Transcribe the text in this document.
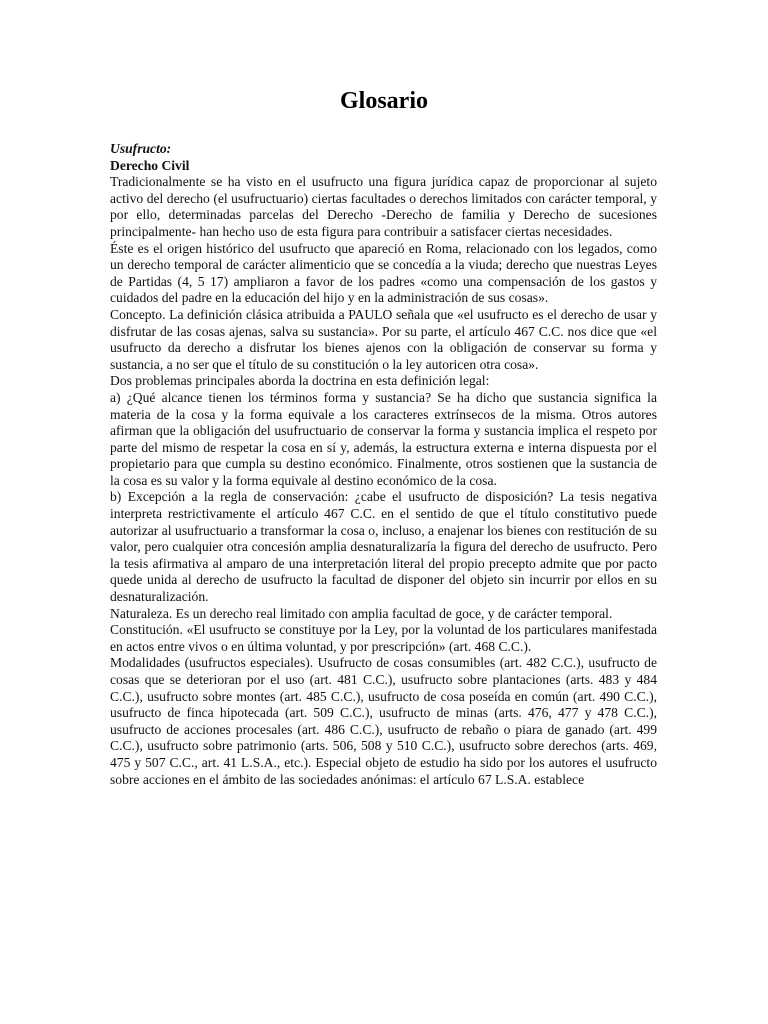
Glosario

Usufructo:

Derecho Civil

Tradicionalmente se ha visto en el usufructo una figura jurídica capaz de proporcionar al sujeto activo del derecho (el usufructuario) ciertas facultades o derechos limitados con carácter temporal, y por ello, determinadas parcelas del Derecho -Derecho de familia y Derecho de sucesiones principalmente- han hecho uso de esta figura para contribuir a satisfacer ciertas necesidades.

Éste es el origen histórico del usufructo que apareció en Roma, relacionado con los legados, como un derecho temporal de carácter alimenticio que se concedía a la viuda; derecho que nuestras Leyes de Partidas (4, 5 17) ampliaron a favor de los padres «como una compensación de los gastos y cuidados del padre en la educación del hijo y en la administración de sus cosas».

Concepto. La definición clásica atribuida a PAULO señala que «el usufructo es el derecho de usar y disfrutar de las cosas ajenas, salva su sustancia». Por su parte, el artículo 467 C.C. nos dice que «el usufructo da derecho a disfrutar los bienes ajenos con la obligación de conservar su forma y sustancia, a no ser que el título de su constitución o la ley autoricen otra cosa».

Dos problemas principales aborda la doctrina en esta definición legal:

a) ¿Qué alcance tienen los términos forma y sustancia? Se ha dicho que sustancia significa la materia de la cosa y la forma equivale a los caracteres extrínsecos de la misma. Otros autores afirman que la obligación del usufructuario de conservar la forma y sustancia implica el respeto por parte del mismo de respetar la cosa en sí y, además, la estructura externa e interna dispuesta por el propietario para que cumpla su destino económico. Finalmente, otros sostienen que la sustancia de la cosa es su valor y la forma equivale al destino económico de la cosa.

b) Excepción a la regla de conservación: ¿cabe el usufructo de disposición? La tesis negativa interpreta restrictivamente el artículo 467 C.C. en el sentido de que el título constitutivo puede autorizar al usufructuario a transformar la cosa o, incluso, a enajenar los bienes con restitución de su valor, pero cualquier otra concesión amplia desnaturalizaría la figura del derecho de usufructo. Pero la tesis afirmativa al amparo de una interpretación literal del propio precepto admite que por pacto quede unida al derecho de usufructo la facultad de disponer del objeto sin incurrir por ellos en su desnaturalización.

Naturaleza. Es un derecho real limitado con amplia facultad de goce, y de carácter temporal.

Constitución. «El usufructo se constituye por la Ley, por la voluntad de los particulares manifestada en actos entre vivos o en última voluntad, y por prescripción» (art. 468 C.C.).

Modalidades (usufructos especiales). Usufructo de cosas consumibles (art. 482 C.C.), usufructo de cosas que se deterioran por el uso (art. 481 C.C.), usufructo sobre plantaciones (arts. 483 y 484 C.C.), usufructo sobre montes (art. 485 C.C.), usufructo de cosa poseída en común (art. 490 C.C.), usufructo de finca hipotecada (art. 509 C.C.), usufructo de minas (arts. 476, 477 y 478 C.C.), usufructo de acciones procesales (art. 486 C.C.), usufructo de rebaño o piara de ganado (art. 499 C.C.), usufructo sobre patrimonio (arts. 506, 508 y 510 C.C.), usufructo sobre derechos (arts. 469, 475 y 507 C.C., art. 41 L.S.A., etc.). Especial objeto de estudio ha sido por los autores el usufructo sobre acciones en el ámbito de las sociedades anónimas: el artículo 67 L.S.A. establece
